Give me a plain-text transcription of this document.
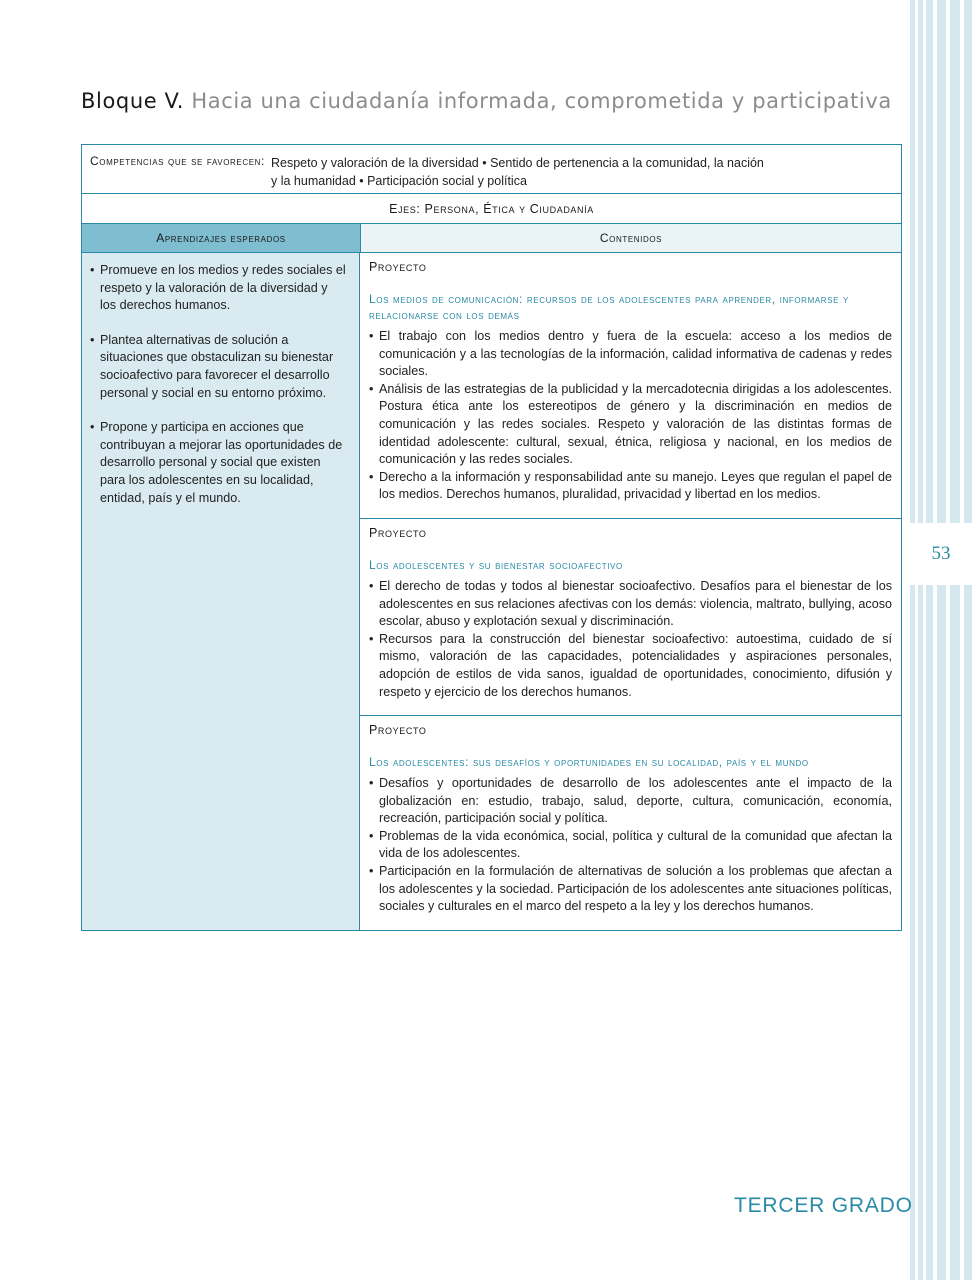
53
Bloque V. Hacia una ciudadanía informada, comprometida y participativa
Competencias que se favorecen: Respeto y valoración de la diversidad • Sentido de pertenencia a la comunidad, la nación
y la humanidad • Participación social y política
Ejes: Persona, Ética y Ciudadanía
Aprendizajes esperados	Contenidos
• Promueve en los medios y redes sociales el respeto y la valoración de la diversidad y los derechos humanos.
• Plantea alternativas de solución a situaciones que obstaculizan su bienestar socioafectivo para favorecer el desarrollo personal y social en su entorno próximo.
• Propone y participa en acciones que contribuyan a mejorar las oportunidades de desarrollo personal y social que existen para los adolescentes en su localidad, entidad, país y el mundo.
Proyecto
Los medios de comunicación: recursos de los adolescentes para aprender, informarse y relacionarse con los demás
• El trabajo con los medios dentro y fuera de la escuela: acceso a los medios de comunicación y a las tecnologías de la información, calidad informativa de cadenas y redes sociales.
• Análisis de las estrategias de la publicidad y la mercadotecnia dirigidas a los adolescentes. Postura ética ante los estereotipos de género y la discriminación en medios de comunicación y las redes sociales. Respeto y valoración de las distintas formas de identidad adolescente: cultural, sexual, étnica, religiosa y nacional, en los medios de comunicación y las redes sociales.
• Derecho a la información y responsabilidad ante su manejo. Leyes que regulan el papel de los medios. Derechos humanos, pluralidad, privacidad y libertad en los medios.
Proyecto
Los adolescentes y su bienestar socioafectivo
• El derecho de todas y todos al bienestar socioafectivo. Desafíos para el bienestar de los adolescentes en sus relaciones afectivas con los demás: violencia, maltrato, bullying, acoso escolar, abuso y explotación sexual y discriminación.
• Recursos para la construcción del bienestar socioafectivo: autoestima, cuidado de sí mismo, valoración de las capacidades, potencialidades y aspiraciones personales, adopción de estilos de vida sanos, igualdad de oportunidades, conocimiento, difusión y respeto y ejercicio de los derechos humanos.
Proyecto
Los adolescentes: sus desafíos y oportunidades en su localidad, país y el mundo
• Desafíos y oportunidades de desarrollo de los adolescentes ante el impacto de la globalización en: estudio, trabajo, salud, deporte, cultura, comunicación, economía, recreación, participación social y política.
• Problemas de la vida económica, social, política y cultural de la comunidad que afectan la vida de los adolescentes.
• Participación en la formulación de alternativas de solución a los problemas que afectan a los adolescentes y la sociedad. Participación de los adolescentes ante situaciones políticas, sociales y culturales en el marco del respeto a la ley y los derechos humanos.
TERCER GRADO
